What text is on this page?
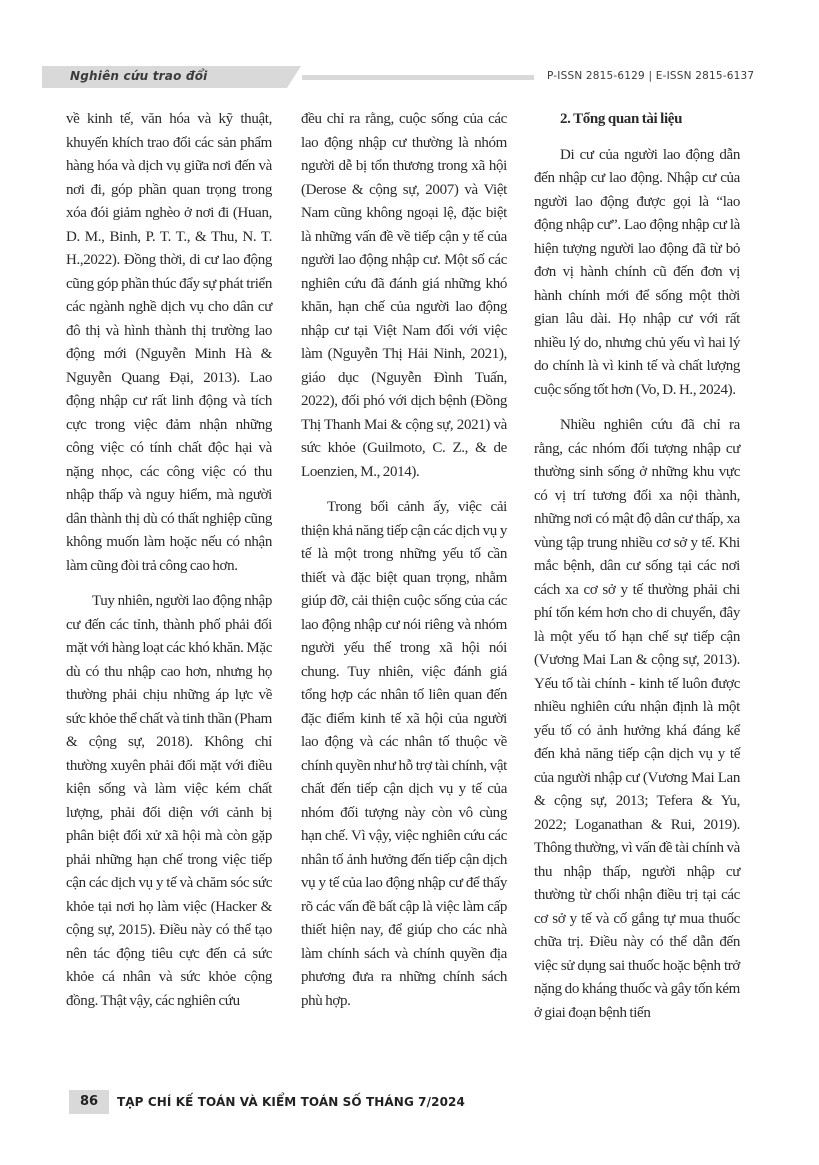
Nghiên cứu trao đổi	P-ISSN 2815-6129 | E-ISSN 2815-6137

về kinh tế, văn hóa và kỹ thuật, khuyến khích trao đổi các sản phẩm hàng hóa và dịch vụ giữa nơi đến và nơi đi, góp phần quan trọng trong xóa đói giảm nghèo ở nơi đi (Huan, D. M., Binh, P. T. T., & Thu, N. T. H.,2022). Đồng thời, di cư lao động cũng góp phần thúc đẩy sự phát triển các ngành nghề dịch vụ cho dân cư đô thị và hình thành thị trường lao động mới (Nguyễn Minh Hà & Nguyễn Quang Đại, 2013). Lao động nhập cư rất linh động và tích cực trong việc đảm nhận những công việc có tính chất độc hại và nặng nhọc, các công việc có thu nhập thấp và nguy hiểm, mà người dân thành thị dù có thất nghiệp cũng không muốn làm hoặc nếu có nhận làm cũng đòi trả công cao hơn.

Tuy nhiên, người lao động nhập cư đến các tỉnh, thành phố phải đối mặt với hàng loạt các khó khăn. Mặc dù có thu nhập cao hơn, nhưng họ thường phải chịu những áp lực về sức khỏe thể chất và tinh thần (Pham & cộng sự, 2018). Không chỉ thường xuyên phải đối mặt với điều kiện sống và làm việc kém chất lượng, phải đối diện với cảnh bị phân biệt đối xử xã hội mà còn gặp phải những hạn chế trong việc tiếp cận các dịch vụ y tế và chăm sóc sức khỏe tại nơi họ làm việc (Hacker & cộng sự, 2015). Điều này có thể tạo nên tác động tiêu cực đến cả sức khỏe cá nhân và sức khỏe cộng đồng. Thật vậy, các nghiên cứu

đều chỉ ra rằng, cuộc sống của các lao động nhập cư thường là nhóm người dễ bị tổn thương trong xã hội (Derose & cộng sự, 2007) và Việt Nam cũng không ngoại lệ, đặc biệt là những vấn đề về tiếp cận y tế của người lao động nhập cư. Một số các nghiên cứu đã đánh giá những khó khăn, hạn chế của người lao động nhập cư tại Việt Nam đối với việc làm (Nguyễn Thị Hải Ninh, 2021), giáo dục (Nguyễn Đình Tuấn, 2022), đối phó với dịch bệnh (Đồng Thị Thanh Mai & cộng sự, 2021) và sức khỏe (Guilmoto, C. Z., & de Loenzien, M., 2014).

Trong bối cảnh ấy, việc cải thiện khả năng tiếp cận các dịch vụ y tế là một trong những yếu tố cần thiết và đặc biệt quan trọng, nhằm giúp đỡ, cải thiện cuộc sống của các lao động nhập cư nói riêng và nhóm người yếu thế trong xã hội nói chung. Tuy nhiên, việc đánh giá tổng hợp các nhân tố liên quan đến đặc điểm kinh tế xã hội của người lao động và các nhân tố thuộc về chính quyền như hỗ trợ tài chính, vật chất đến tiếp cận dịch vụ y tế của nhóm đối tượng này còn vô cùng hạn chế. Vì vậy, việc nghiên cứu các nhân tố ảnh hưởng đến tiếp cận dịch vụ y tế của lao động nhập cư để thấy rõ các vấn đề bất cập là việc làm cấp thiết hiện nay, để giúp cho các nhà làm chính sách và chính quyền địa phương đưa ra những chính sách phù hợp.

2. Tổng quan tài liệu

Di cư của người lao động dẫn đến nhập cư lao động. Nhập cư của người lao động được gọi là “lao động nhập cư”. Lao động nhập cư là hiện tượng người lao động đã từ bỏ đơn vị hành chính cũ đến đơn vị hành chính mới để sống một thời gian lâu dài. Họ nhập cư với rất nhiều lý do, nhưng chủ yếu vì hai lý do chính là vì kinh tế và chất lượng cuộc sống tốt hơn (Vo, D. H., 2024).

Nhiều nghiên cứu đã chỉ ra rằng, các nhóm đối tượng nhập cư thường sinh sống ở những khu vực có vị trí tương đối xa nội thành, những nơi có mật độ dân cư thấp, xa vùng tập trung nhiều cơ sở y tế. Khi mắc bệnh, dân cư sống tại các nơi cách xa cơ sở y tế thường phải chi phí tốn kém hơn cho di chuyển, đây là một yếu tố hạn chế sự tiếp cận (Vương Mai Lan & cộng sự, 2013). Yếu tố tài chính - kinh tế luôn được nhiều nghiên cứu nhận định là một yếu tố có ảnh hưởng khá đáng kể đến khả năng tiếp cận dịch vụ y tế của người nhập cư (Vương Mai Lan & cộng sự, 2013; Tefera & Yu, 2022; Loganathan & Rui, 2019). Thông thường, vì vấn đề tài chính và thu nhập thấp, người nhập cư thường từ chối nhận điều trị tại các cơ sở y tế và cố gắng tự mua thuốc chữa trị. Điều này có thể dẫn đến việc sử dụng sai thuốc hoặc bệnh trở nặng do kháng thuốc và gây tốn kém ở giai đoạn bệnh tiến

86	TẠP CHÍ KẾ TOÁN VÀ KIỂM TOÁN SỐ THÁNG 7/2024
